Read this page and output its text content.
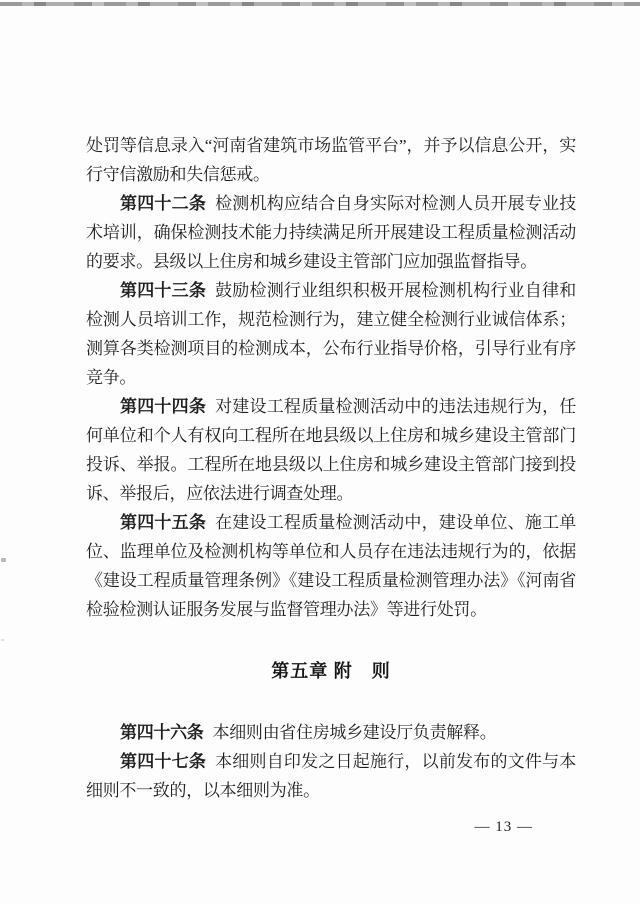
处罚等信息录入“河南省建筑市场监管平台”，并予以信息公开，实行守信激励和失信惩戒。

第四十二条 检测机构应结合自身实际对检测人员开展专业技术培训，确保检测技术能力持续满足所开展建设工程质量检测活动的要求。县级以上住房和城乡建设主管部门应加强监督指导。

第四十三条 鼓励检测行业组织积极开展检测机构行业自律和检测人员培训工作，规范检测行为，建立健全检测行业诚信体系；测算各类检测项目的检测成本，公布行业指导价格，引导行业有序竞争。

第四十四条 对建设工程质量检测活动中的违法违规行为，任何单位和个人有权向工程所在地县级以上住房和城乡建设主管部门投诉、举报。工程所在地县级以上住房和城乡建设主管部门接到投诉、举报后，应依法进行调查处理。

第四十五条 在建设工程质量检测活动中，建设单位、施工单位、监理单位及检测机构等单位和人员存在违法违规行为的，依据《建设工程质量管理条例》《建设工程质量检测管理办法》《河南省检验检测认证服务发展与监督管理办法》等进行处罚。

第五章 附　则

第四十六条 本细则由省住房城乡建设厅负责解释。

第四十七条 本细则自印发之日起施行，以前发布的文件与本细则不一致的，以本细则为准。

— 13 —
